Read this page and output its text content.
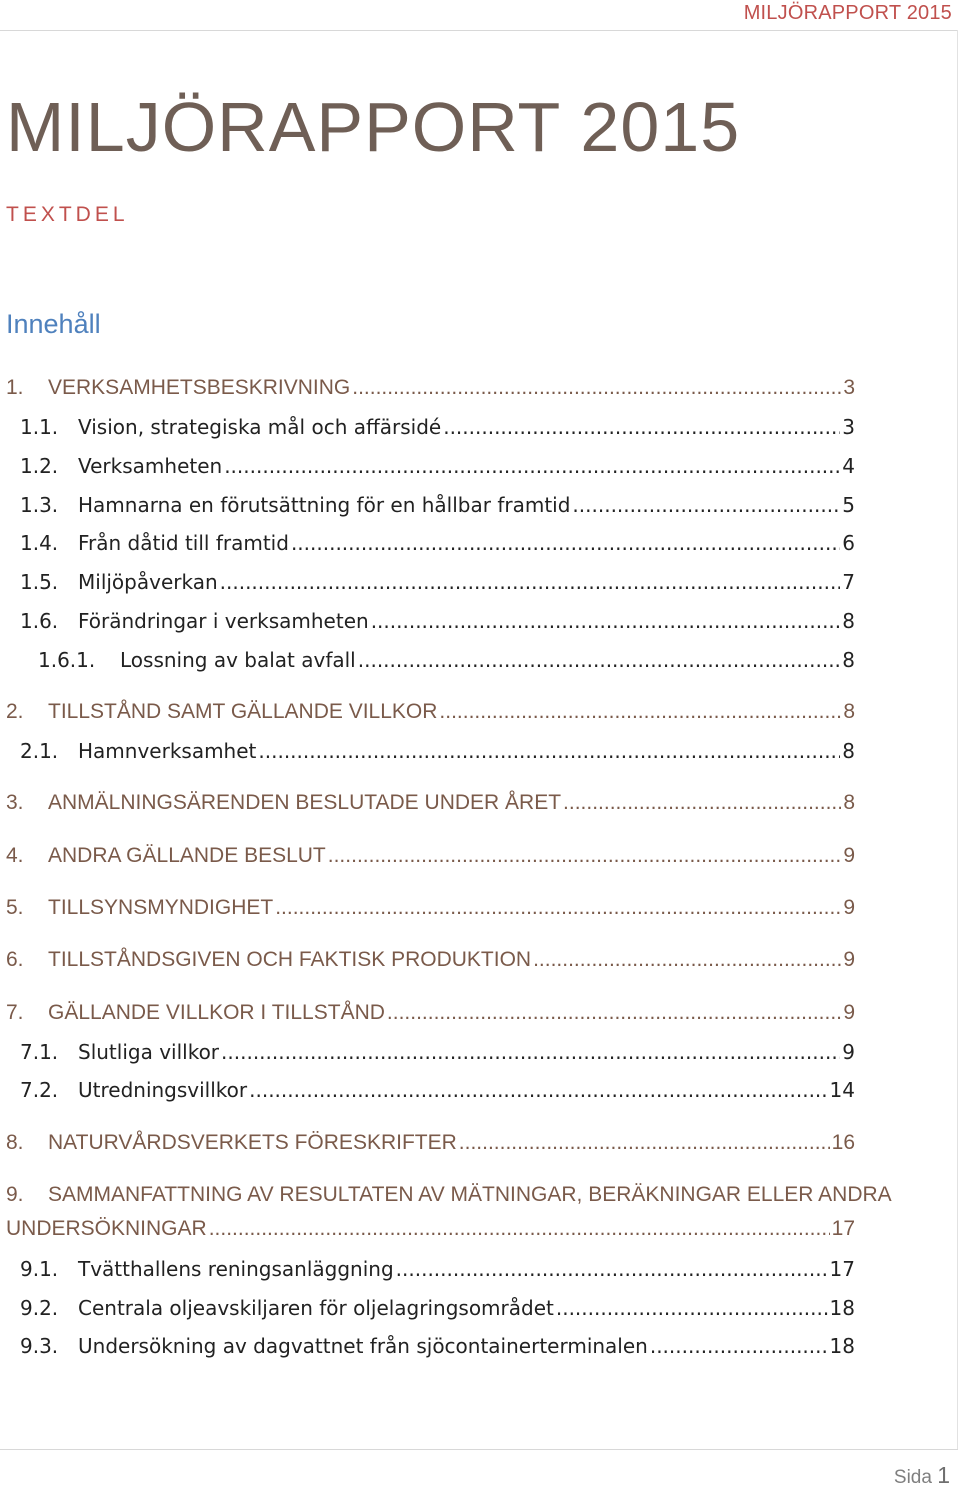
MILJÖRAPPORT 2015
MILJÖRAPPORT 2015
TEXTDEL
Innehåll
1.	VERKSAMHETSBESKRIVNING .....	3
1.1. Vision, strategiska mål och affärsidé .....	3
1.2. Verksamheten .....	4
1.3. Hamnarna en förutsättning för en hållbar framtid .....	5
1.4. Från dåtid till framtid .....	6
1.5. Miljöpåverkan .....	7
1.6. Förändringar i verksamheten .....	8
1.6.1.	Lossning av balat avfall .....	8
2.	TILLSTÅND SAMT GÄLLANDE VILLKOR .....	8
2.1. Hamnverksamhet .....	8
3.	ANMÄLNINGSÄRENDEN BESLUTADE UNDER ÅRET .....	8
4.	ANDRA GÄLLANDE BESLUT .....	9
5.	TILLSYNSMYNDIGHET .....	9
6.	TILLSTÅNDSGIVEN OCH FAKTISK PRODUKTION .....	9
7.	GÄLLANDE VILLKOR I TILLSTÅND .....	9
7.1. Slutliga villkor .....	9
7.2. Utredningsvillkor .....	14
8.	NATURVÅRDSVERKETS FÖRESKRIFTER .....	16
9. SAMMANFATTNING AV RESULTATEN AV MÄTNINGAR, BERÄKNINGAR ELLER ANDRA
UNDERSÖKNINGAR .....	17
9.1. Tvätthallens reningsanläggning .....	17
9.2. Centrala oljeavskiljaren för oljelagringsområdet .....	18
9.3. Undersökning av dagvattnet från sjöcontainerterminalen .....	18
Sida 1
